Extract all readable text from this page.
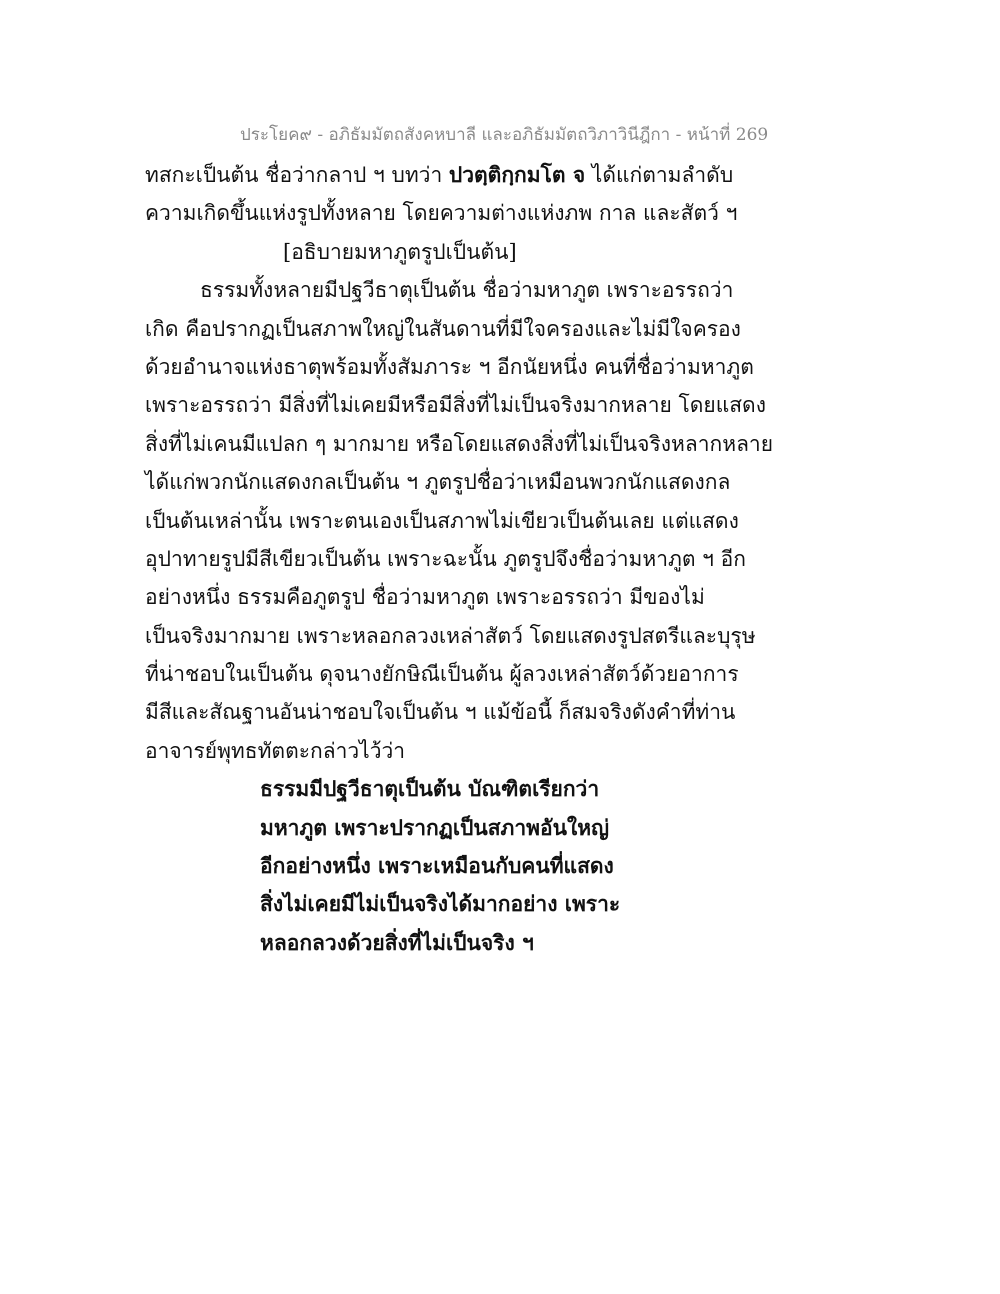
ประโยค๙ - อภิธัมมัตถสังคหบาลี และอภิธัมมัตถวิภาวินีฎีกา - หน้าที่ 269
ทสกะเป็นต้น ชื่อว่ากลาป ฯ บทว่า ปวตฺติกฺกมโต จ ได้แก่ตามลำดับ
ความเกิดขึ้นแห่งรูปทั้งหลาย โดยความต่างแห่งภพ กาล และสัตว์ ฯ
[อธิบายมหาภูตรูปเป็นต้น]
ธรรมทั้งหลายมีปฐวีธาตุเป็นต้น ชื่อว่ามหาภูต เพราะอรรถว่า
เกิด คือปรากฏเป็นสภาพใหญ่ในสันดานที่มีใจครองและไม่มีใจครอง
ด้วยอำนาจแห่งธาตุพร้อมทั้งสัมภาระ ฯ อีกนัยหนึ่ง คนที่ชื่อว่ามหาภูต
เพราะอรรถว่า มีสิ่งที่ไม่เคยมีหรือมีสิ่งที่ไม่เป็นจริงมากหลาย โดยแสดง
สิ่งที่ไม่เคนมีแปลก ๆ มากมาย หรือโดยแสดงสิ่งที่ไม่เป็นจริงหลากหลาย
ได้แก่พวกนักแสดงกลเป็นต้น ฯ ภูตรูปชื่อว่าเหมือนพวกนักแสดงกล
เป็นต้นเหล่านั้น เพราะตนเองเป็นสภาพไม่เขียวเป็นต้นเลย แต่แสดง
อุปาทายรูปมีสีเขียวเป็นต้น เพราะฉะนั้น ภูตรูปจึงชื่อว่ามหาภูต ฯ อีก
อย่างหนึ่ง ธรรมคือภูตรูป ชื่อว่ามหาภูต เพราะอรรถว่า มีของไม่
เป็นจริงมากมาย เพราะหลอกลวงเหล่าสัตว์ โดยแสดงรูปสตรีและบุรุษ
ที่น่าชอบในเป็นต้น ดุจนางยักษิณีเป็นต้น ผู้ลวงเหล่าสัตว์ด้วยอาการ
มีสีและสัณฐานอันน่าชอบใจเป็นต้น ฯ แม้ข้อนี้ ก็สมจริงดังคำที่ท่าน
อาจารย์พุทธทัตตะกล่าวไว้ว่า
ธรรมมีปฐวีธาตุเป็นต้น บัณฑิตเรียกว่า
มหาภูต เพราะปรากฏเป็นสภาพอันใหญ่
อีกอย่างหนึ่ง เพราะเหมือนกับคนที่แสดง
สิ่งไม่เคยมีไม่เป็นจริงได้มากอย่าง เพราะ
หลอกลวงด้วยสิ่งที่ไม่เป็นจริง ฯ
